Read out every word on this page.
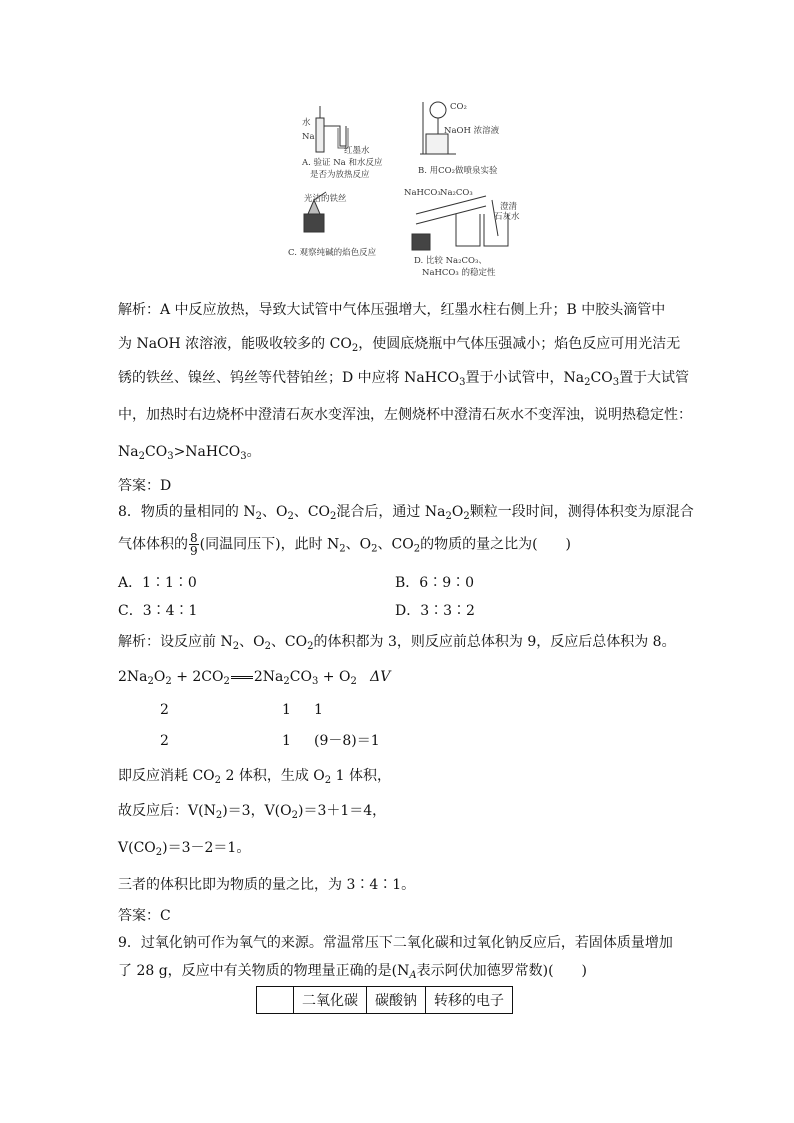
水
Na
红墨水
A. 验证 Na 和水反应
是否为放热反应
CO₂
NaOH 浓溶液
B. 用CO₂做喷泉实验
光洁的铁丝
C. 观察纯碱的焰色反应
NaHCO₃ Na₂CO₃
澄清
石灰水
D. 比较 Na₂CO₃、
NaHCO₃ 的稳定性
解析：A 中反应放热，导致大试管中气体压强增大，红墨水柱右侧上升；B 中胶头滴管中
为 NaOH 浓溶液，能吸收较多的 $CO_2$，使圆底烧瓶中气体压强减小；焰色反应可用光洁无
锈的铁丝、镍丝、钨丝等代替铂丝；D 中应将 NaHCO$_3$置于小试管中，$Na_2CO_3$置于大试管
中，加热时右边烧杯中澄清石灰水变浑浊，左侧烧杯中澄清石灰水不变浑浊，说明热稳定性：
$Na_2CO_3>NaHCO_3$。
答案：D
8．物质的量相同的 $N_2$、$O_2$、$CO_2$混合后，通过 $Na_2O_2$颗粒一段时间，测得体积变为原混合
气体体积的 $\frac{8}{9}$ (同温同压下)，此时 $N_2$、$O_2$、$CO_2$的物质的量之比为(　　)
A．1∶1∶0	B．6∶9∶0
C．3∶4∶1	D．3∶3∶2
解析：设反应前 $N_2$、$O_2$、$CO_2$的体积都为 3，则反应前总体积为 9，反应后总体积为 8。
$2Na_2O_2 + 2CO_2$ $2Na_2CO_3 + O_2$ ΔV
2	1 1
2	1 (9－8)＝1
即反应消耗 $CO_2$ 2 体积，生成 $O_2$ 1 体积，
故反应后：$V(N_2)=3$，$V(O_2)=3+1=4$，
$V(CO_2)=3-2=1$。
三者的体积比即为物质的量之比，为 3∶4∶1。
答案：C
9．过氧化钠可作为氧气的来源。常温常压下二氧化碳和过氧化钠反应后，若固体质量增加
了 28 g，反应中有关物质的物理量正确的是($N_A$表示阿伏加德罗常数)(　　)
	二氧化碳	碳酸钠	转移的电子
